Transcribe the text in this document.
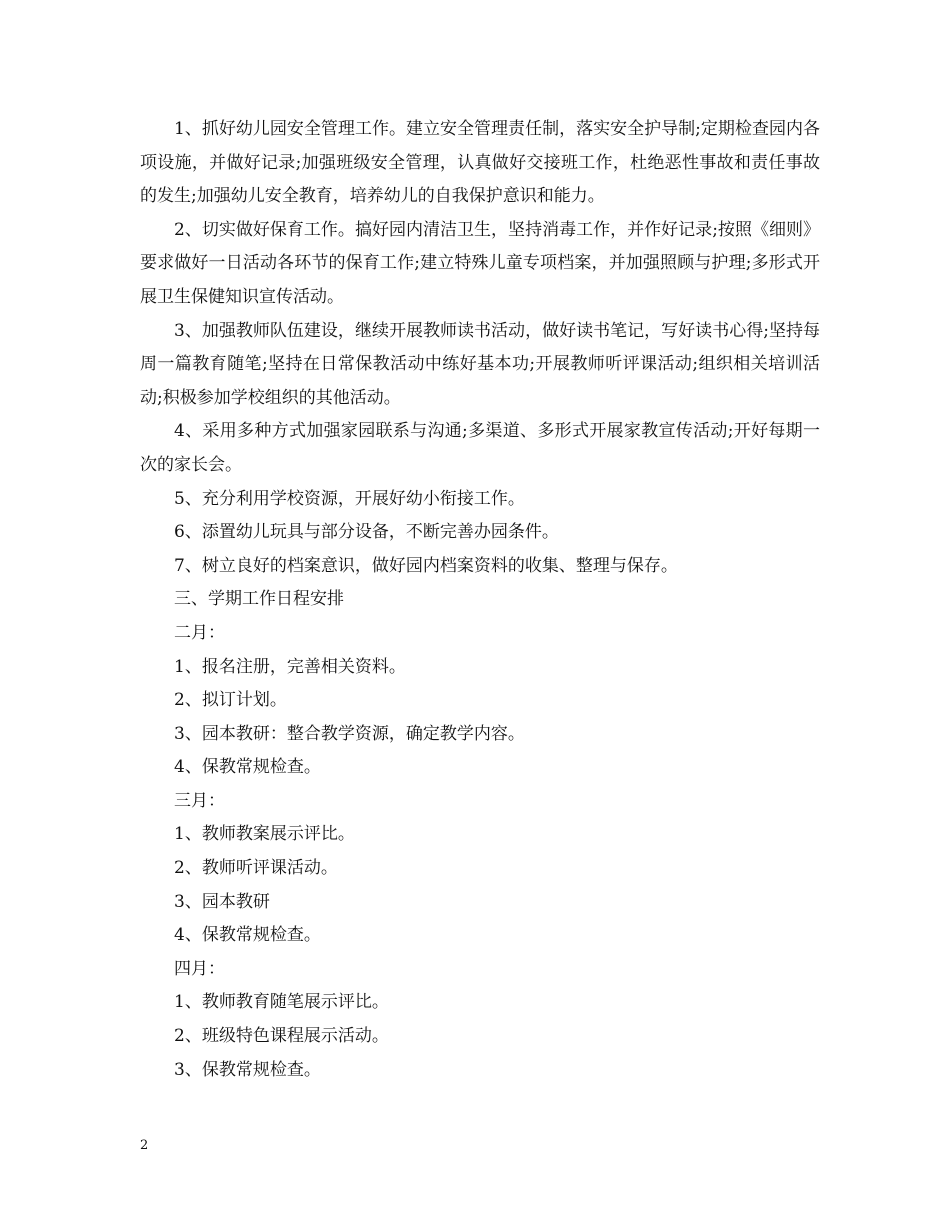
1、抓好幼儿园安全管理工作。建立安全管理责任制，落实安全护导制;定期检查园内各项设施，并做好记录;加强班级安全管理，认真做好交接班工作，杜绝恶性事故和责任事故的发生;加强幼儿安全教育，培养幼儿的自我保护意识和能力。

2、切实做好保育工作。搞好园内清洁卫生，坚持消毒工作，并作好记录;按照《细则》要求做好一日活动各环节的保育工作;建立特殊儿童专项档案，并加强照顾与护理;多形式开展卫生保健知识宣传活动。

3、加强教师队伍建设，继续开展教师读书活动，做好读书笔记，写好读书心得;坚持每周一篇教育随笔;坚持在日常保教活动中练好基本功;开展教师听评课活动;组织相关培训活动;积极参加学校组织的其他活动。

4、采用多种方式加强家园联系与沟通;多渠道、多形式开展家教宣传活动;开好每期一次的家长会。

5、充分利用学校资源，开展好幼小衔接工作。

6、添置幼儿玩具与部分设备，不断完善办园条件。

7、树立良好的档案意识，做好园内档案资料的收集、整理与保存。

三、学期工作日程安排

二月：

1、报名注册，完善相关资料。

2、拟订计划。

3、园本教研：整合教学资源，确定教学内容。

4、保教常规检查。

三月：

1、教师教案展示评比。

2、教师听评课活动。

3、园本教研

4、保教常规检查。

四月：

1、教师教育随笔展示评比。

2、班级特色课程展示活动。

3、保教常规检查。

2
